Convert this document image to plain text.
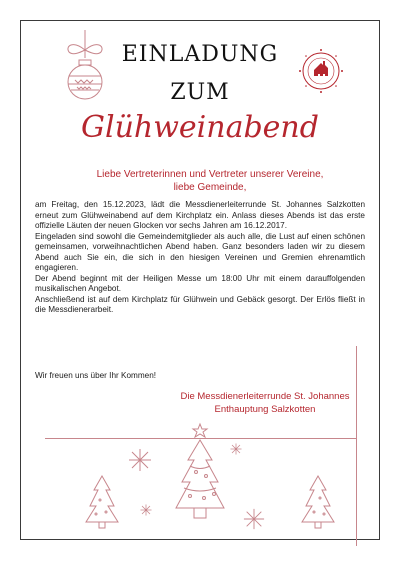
EINLADUNG
ZUM
Glühweinabend
Liebe Vertreterinnen und Vertreter unserer Vereine,
liebe Gemeinde,

am Freitag, den 15.12.2023, lädt die Messdienerleiterrunde St. Johannes Salzkotten erneut zum Glühweinabend auf dem Kirchplatz ein. Anlass dieses Abends ist das erste offizielle Läuten der neuen Glocken vor sechs Jahren am 16.12.2017.

Eingeladen sind sowohl die Gemeindemitglieder als auch alle, die Lust auf einen schönen gemeinsamen, vorweihnachtlichen Abend haben. Ganz besonders laden wir zu diesem Abend auch Sie ein, die sich in den hiesigen Vereinen und Gremien ehrenamtlich engagieren.

Der Abend beginnt mit der Heiligen Messe um 18:00 Uhr mit einem darauffolgenden musikalischen Angebot.

Anschließend ist auf dem Kirchplatz für Glühwein und Gebäck gesorgt. Der Erlös fließt in die Messdienerarbeit.

Wir freuen uns über Ihr Kommen!
Die Messdienerleiterrunde St. Johannes
Enthauptung Salzkotten
